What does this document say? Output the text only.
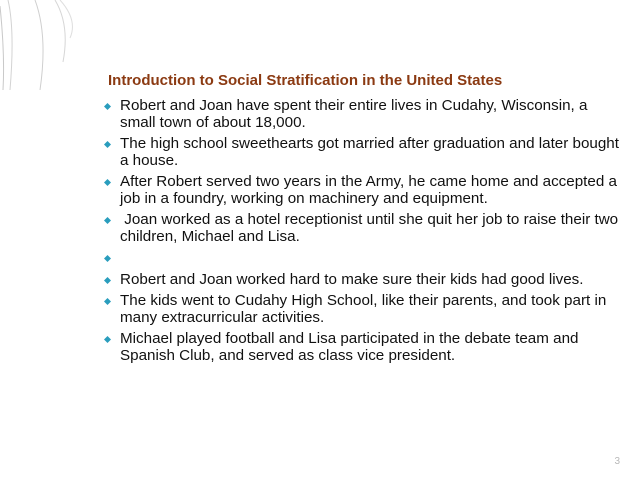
Introduction to Social Stratification in the United States
Robert and Joan have spent their entire lives in Cudahy, Wisconsin, a small town of about 18,000.
The high school sweethearts got married after graduation and later bought a house.
After Robert served two years in the Army, he came home and accepted a job in a foundry, working on machinery and equipment.
Joan worked as a hotel receptionist until she quit her job to raise their two children, Michael and Lisa.
Robert and Joan worked hard to make sure their kids had good lives.
The kids went to Cudahy High School, like their parents, and took part in many extracurricular activities.
Michael played football and Lisa participated in the debate team and Spanish Club, and served as class vice president.
3
